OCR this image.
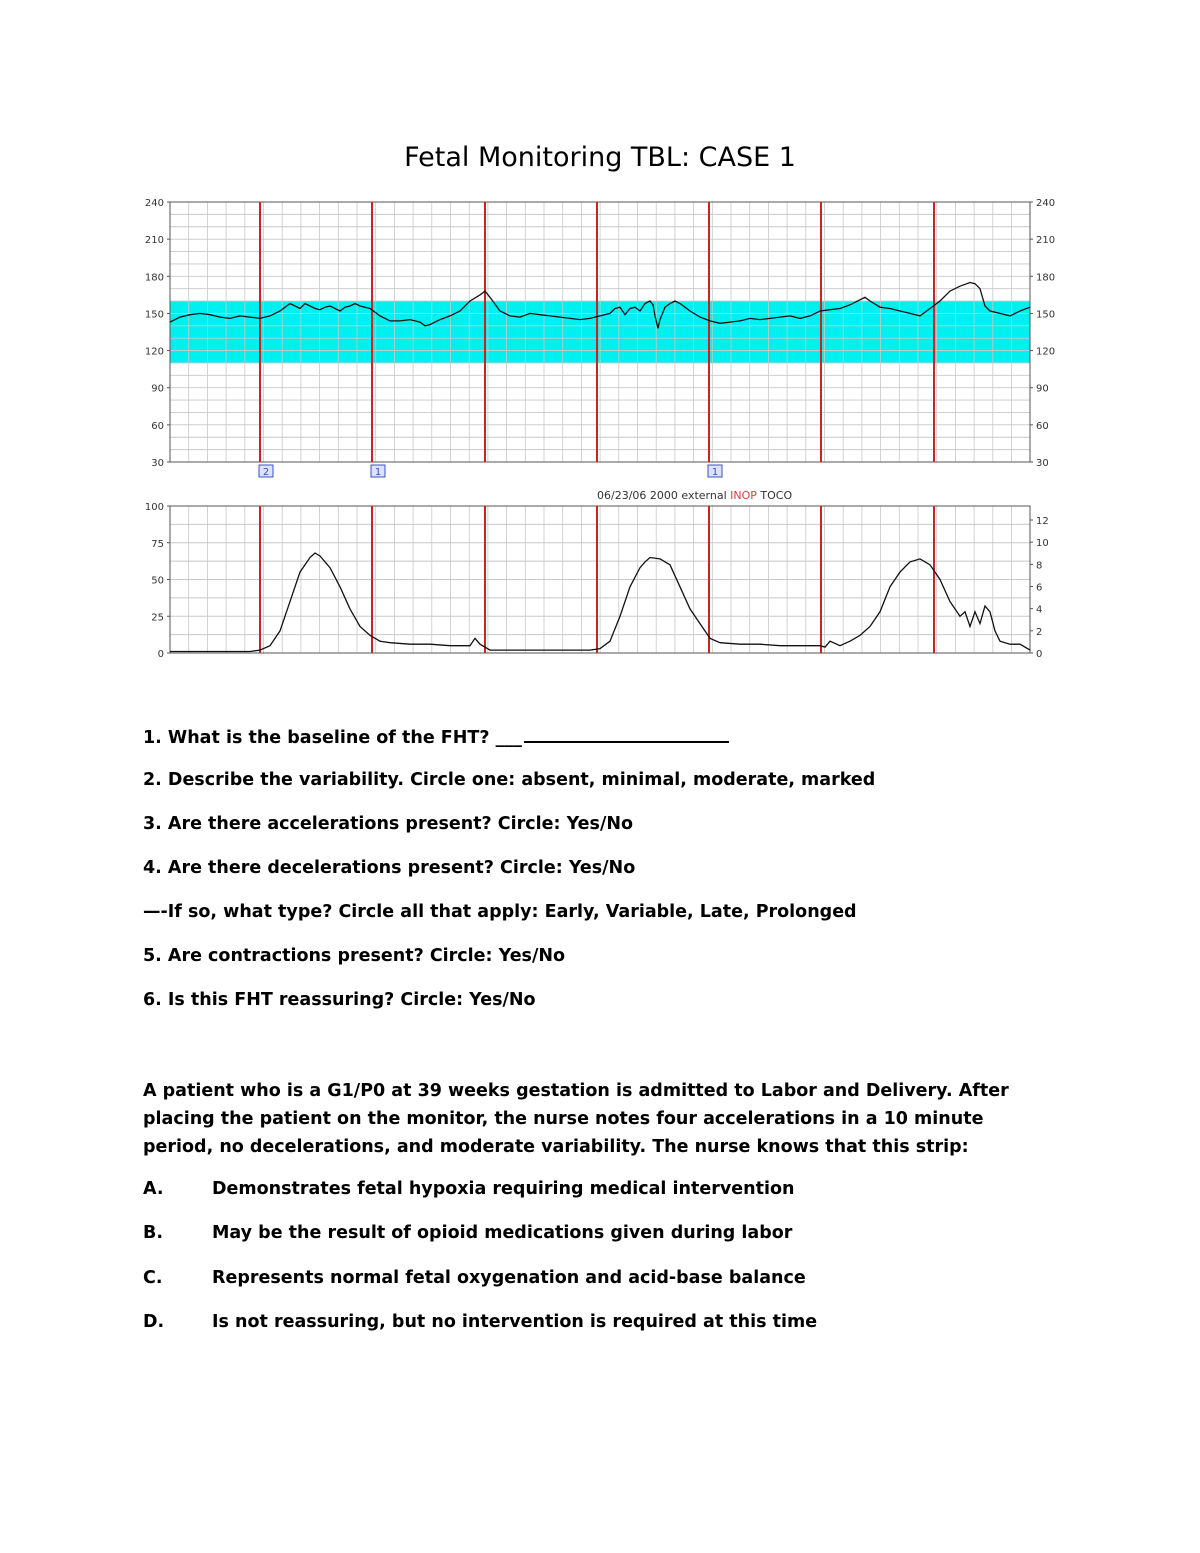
Fetal Monitoring TBL: CASE 1
240
210
180
150
120
90
60
30
240
210
180
150
120
90
60
30
2	1	1
06/23/06 2000 external INOP TOCO
100
75
50
25
0
12
10
8
6
4
2
0
1. What is the baseline of the FHT? ___
2. Describe the variability. Circle one: absent, minimal, moderate, marked
3. Are there accelerations present? Circle: Yes/No
4. Are there decelerations present? Circle: Yes/No
—-If so, what type? Circle all that apply: Early, Variable, Late, Prolonged
5. Are contractions present? Circle: Yes/No
6. Is this FHT reassuring? Circle: Yes/No
A patient who is a G1/P0 at 39 weeks gestation is admitted to Labor and Delivery. After placing the patient on the monitor, the nurse notes four accelerations in a 10 minute period, no decelerations, and moderate variability. The nurse knows that this strip:
A.	Demonstrates fetal hypoxia requiring medical intervention
B.	May be the result of opioid medications given during labor
C.	Represents normal fetal oxygenation and acid-base balance
D.	Is not reassuring, but no intervention is required at this time
